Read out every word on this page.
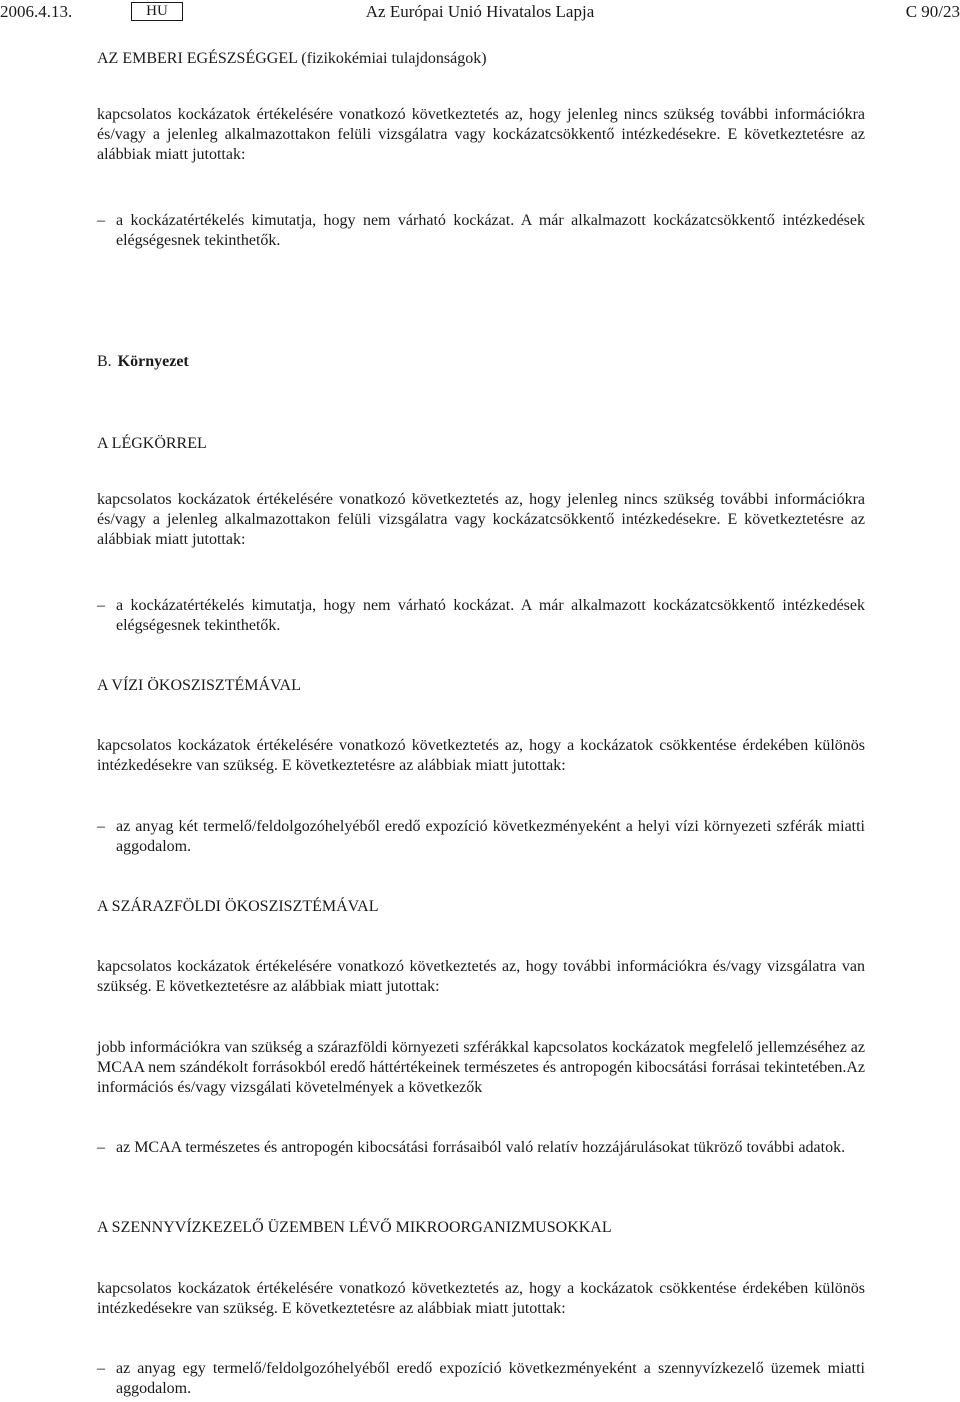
2006.4.13.	Az Európai Unió Hivatalos Lapja
HU	C 90/23
AZ EMBERI EGÉSZSÉGGEL (fizikokémiai tulajdonságok)
kapcsolatos kockázatok értékelésére vonatkozó következtetés az, hogy jelenleg nincs szükség további információkra és/vagy a jelenleg alkalmazottakon felüli vizsgálatra vagy kockázatcsökkentő intézkedésekre. E következtetésre az alábbiak miatt jutottak:
– a kockázatértékelés kimutatja, hogy nem várható kockázat. A már alkalmazott kockázatcsökkentő intézkedések elégségesnek tekinthetők.
B. Környezet
A LÉGKÖRREL
kapcsolatos kockázatok értékelésére vonatkozó következtetés az, hogy jelenleg nincs szükség további információkra és/vagy a jelenleg alkalmazottakon felüli vizsgálatra vagy kockázatcsökkentő intézkedésekre. E következtetésre az alábbiak miatt jutottak:
– a kockázatértékelés kimutatja, hogy nem várható kockázat. A már alkalmazott kockázatcsökkentő intézkedések elégségesnek tekinthetők.
A VÍZI ÖKOSZISZTÉMÁVAL
kapcsolatos kockázatok értékelésére vonatkozó következtetés az, hogy a kockázatok csökkentése érdekében különös intézkedésekre van szükség. E következtetésre az alábbiak miatt jutottak:
– az anyag két termelő/feldolgozóhelyéből eredő expozíció következményeként a helyi vízi környezeti szférák miatti aggodalom.
A SZÁRAZFÖLDI ÖKOSZISZTÉMÁVAL
kapcsolatos kockázatok értékelésére vonatkozó következtetés az, hogy további információkra és/vagy vizsgálatra van szükség. E következtetésre az alábbiak miatt jutottak:
jobb információkra van szükség a szárazföldi környezeti szférákkal kapcsolatos kockázatok megfelelő jellemzéséhez az MCAA nem szándékolt forrásokból eredő háttértékeinek természetes és antropogén kibocsátási forrásai tekintetében.Az információs és/vagy vizsgálati követelmények a következők
– az MCAA természetes és antropogén kibocsátási forrásaiból való relatív hozzájárulásokat tükröző további adatok.
A SZENNYVÍZKEZELŐ ÜZEMBEN LÉVŐ MIKROORGANIZMUSOKKAL
kapcsolatos kockázatok értékelésére vonatkozó következtetés az, hogy a kockázatok csökkentése érdekében különös intézkedésekre van szükség. E következtetésre az alábbiak miatt jutottak:
– az anyag egy termelő/feldolgozóhelyéből eredő expozíció következményeként a szennyvízkezelő üzemek miatti aggodalom.
